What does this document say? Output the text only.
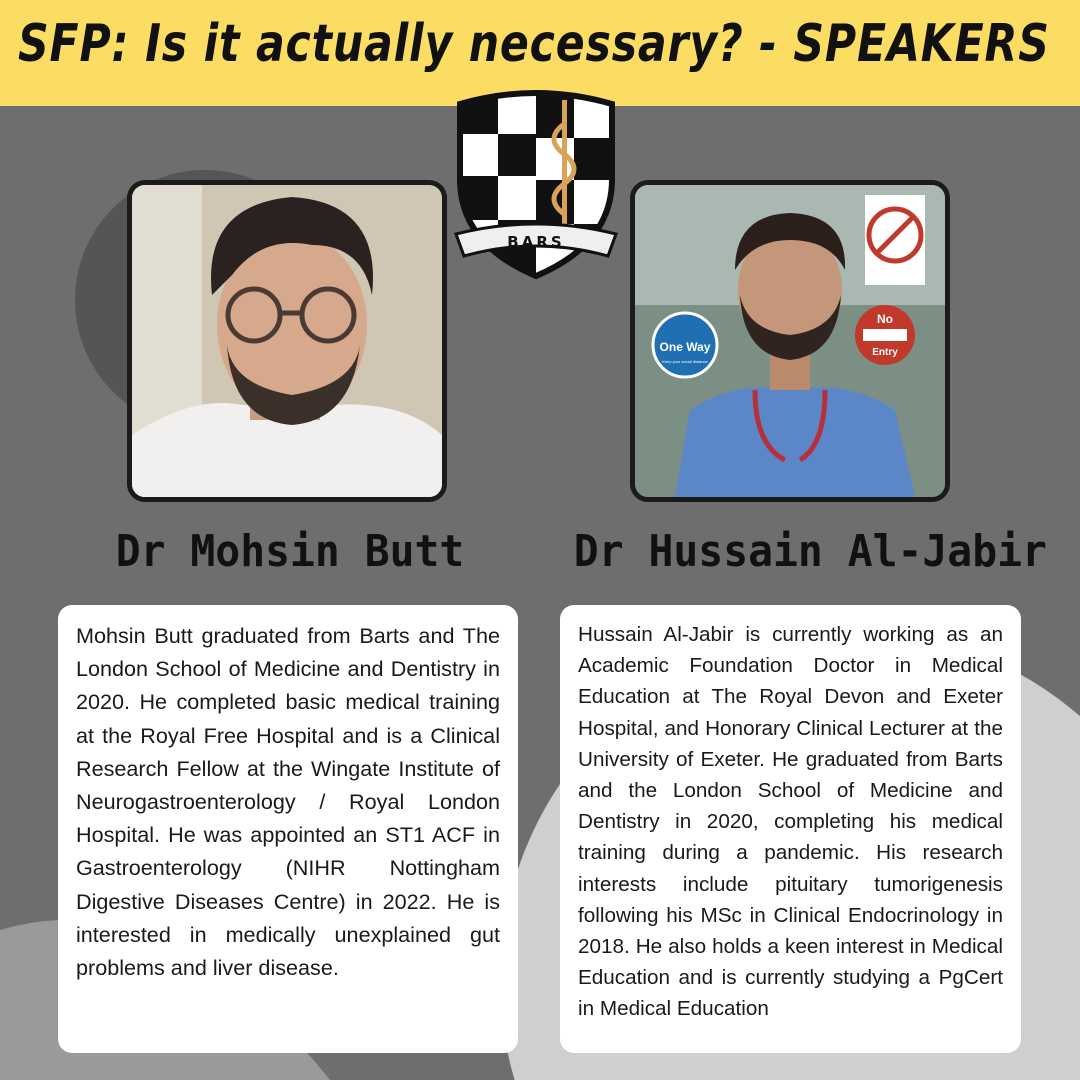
SFP: Is it actually necessary? - SPEAKERS
BARS
One Way
Keep your social distance
No
Entry
Dr Mohsin Butt	Dr Hussain Al-Jabir

Mohsin Butt graduated from Barts and The London School of Medicine and Dentistry in 2020. He completed basic medical training at the Royal Free Hospital and is a Clinical Research Fellow at the Wingate Institute of Neurogastroenterology / Royal London Hospital. He was appointed an ST1 ACF in Gastroenterology (NIHR Nottingham Digestive Diseases Centre) in 2022. He is interested in medically unexplained gut problems and liver disease.

Hussain Al-Jabir is currently working as an Academic Foundation Doctor in Medical Education at The Royal Devon and Exeter Hospital, and Honorary Clinical Lecturer at the University of Exeter. He graduated from Barts and the London School of Medicine and Dentistry in 2020, completing his medical training during a pandemic. His research interests include pituitary tumorigenesis following his MSc in Clinical Endocrinology in 2018. He also holds a keen interest in Medical Education and is currently studying a PgCert in Medical Education
